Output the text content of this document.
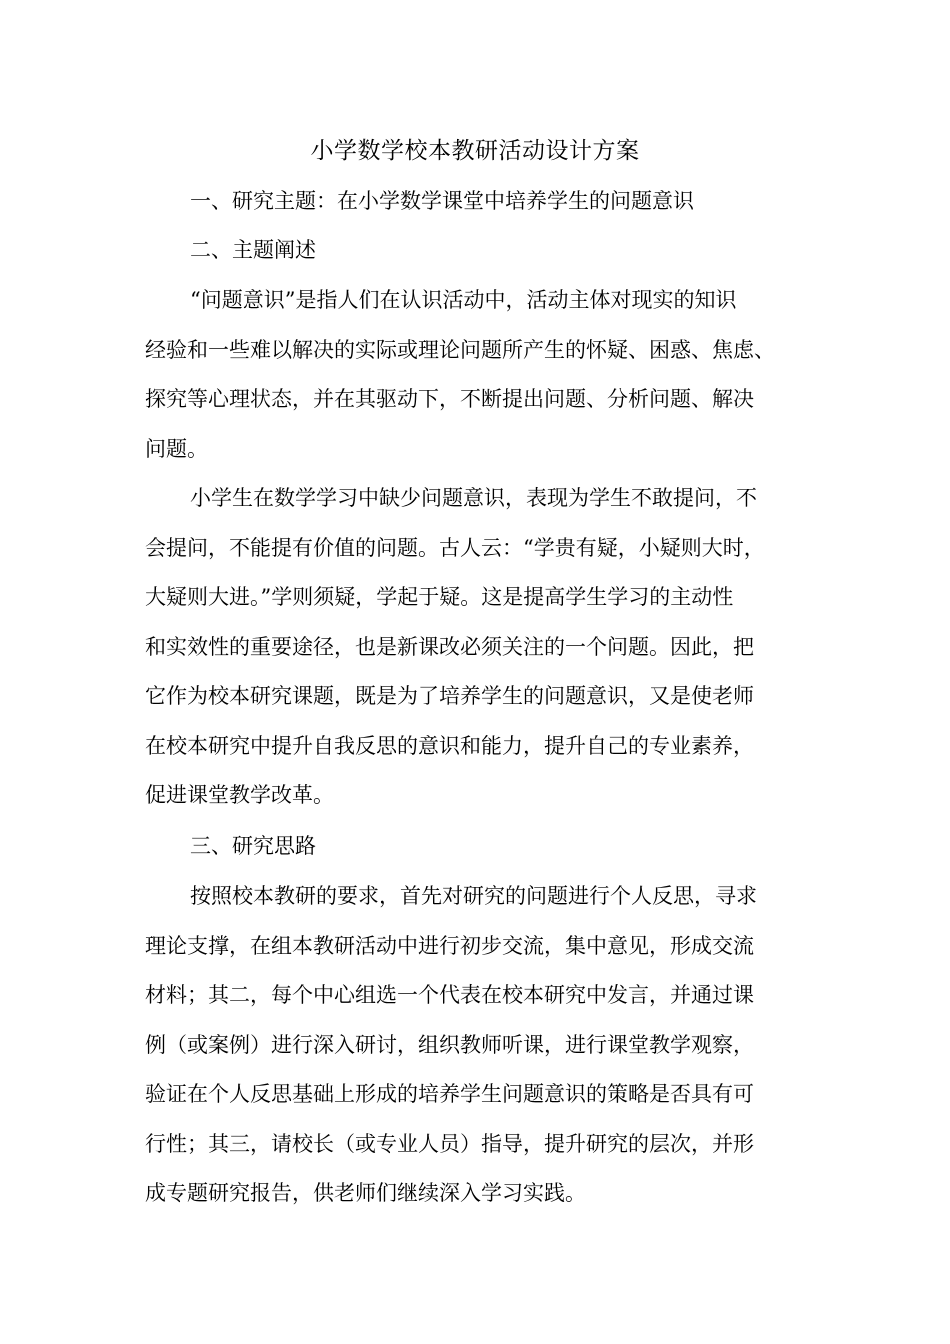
小学数学校本教研活动设计方案
一、研究主题：在小学数学课堂中培养学生的问题意识
二、主题阐述
“问题意识”是指人们在认识活动中，活动主体对现实的知识
经验和一些难以解决的实际或理论问题所产生的怀疑、困惑、焦虑、
探究等心理状态，并在其驱动下，不断提出问题、分析问题、解决
问题。
小学生在数学学习中缺少问题意识，表现为学生不敢提问，不
会提问，不能提有价值的问题。古人云：“学贵有疑，小疑则大时，
大疑则大进。”学则须疑，学起于疑。这是提高学生学习的主动性
和实效性的重要途径，也是新课改必须关注的一个问题。因此，把
它作为校本研究课题，既是为了培养学生的问题意识，又是使老师
在校本研究中提升自我反思的意识和能力，提升自己的专业素养，
促进课堂教学改革。
三、研究思路
按照校本教研的要求，首先对研究的问题进行个人反思，寻求
理论支撑，在组本教研活动中进行初步交流，集中意见，形成交流
材料；其二，每个中心组选一个代表在校本研究中发言，并通过课
例（或案例）进行深入研讨，组织教师听课，进行课堂教学观察，
验证在个人反思基础上形成的培养学生问题意识的策略是否具有可
行性；其三，请校长（或专业人员）指导，提升研究的层次，并形
成专题研究报告，供老师们继续深入学习实践。
